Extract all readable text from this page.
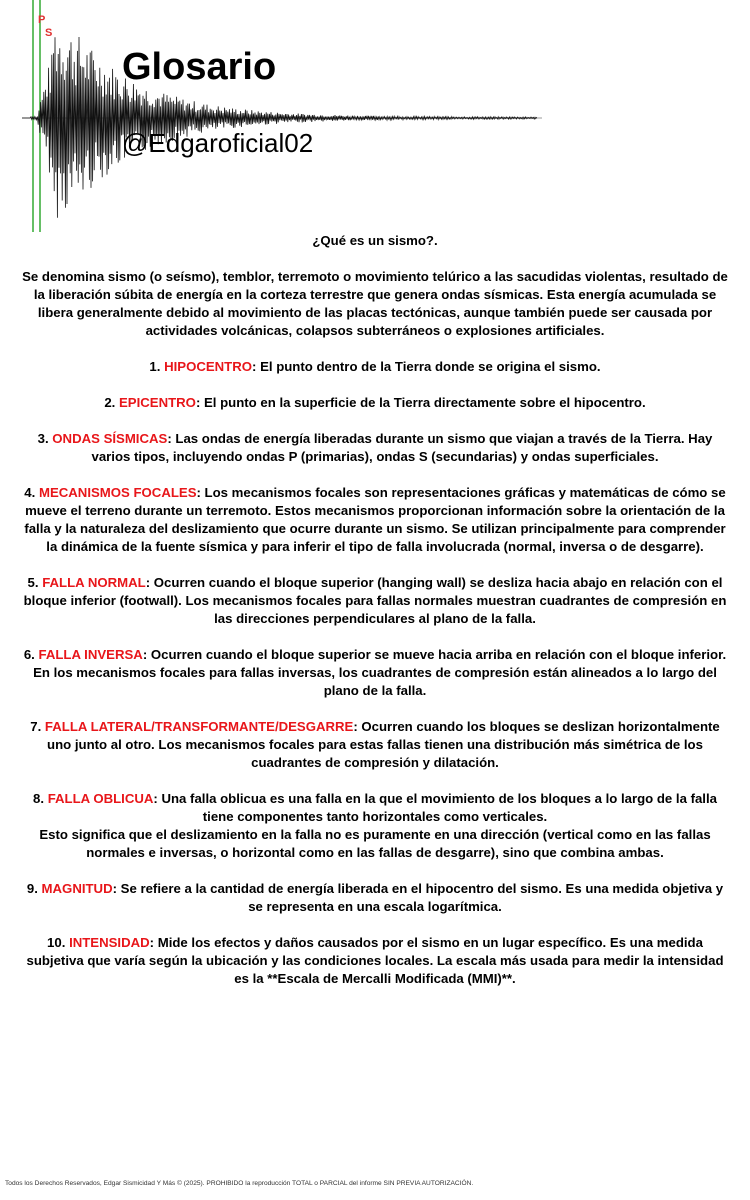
P
S
Glosario
@Edgaroficial02

¿Qué es un sismo?.

Se denomina sismo (o seísmo), temblor, terremoto o movimiento telúrico a las sacudidas violentas, resultado de la liberación súbita de energía en la corteza terrestre que genera ondas sísmicas. Esta energía acumulada se libera generalmente debido al movimiento de las placas tectónicas, aunque también puede ser causada por actividades volcánicas, colapsos subterráneos o explosiones artificiales.

1. HIPOCENTRO: El punto dentro de la Tierra donde se origina el sismo.

2. EPICENTRO: El punto en la superficie de la Tierra directamente sobre el hipocentro.

3. ONDAS SÍSMICAS: Las ondas de energía liberadas durante un sismo que viajan a través de la Tierra. Hay varios tipos, incluyendo ondas P (primarias), ondas S (secundarias) y ondas superficiales.

4. MECANISMOS FOCALES: Los mecanismos focales son representaciones gráficas y matemáticas de cómo se mueve el terreno durante un terremoto. Estos mecanismos proporcionan información sobre la orientación de la falla y la naturaleza del deslizamiento que ocurre durante un sismo. Se utilizan principalmente para comprender la dinámica de la fuente sísmica y para inferir el tipo de falla involucrada (normal, inversa o de desgarre).

5. FALLA NORMAL: Ocurren cuando el bloque superior (hanging wall) se desliza hacia abajo en relación con el bloque inferior (footwall). Los mecanismos focales para fallas normales muestran cuadrantes de compresión en las direcciones perpendiculares al plano de la falla.

6. FALLA INVERSA: Ocurren cuando el bloque superior se mueve hacia arriba en relación con el bloque inferior. En los mecanismos focales para fallas inversas, los cuadrantes de compresión están alineados a lo largo del plano de la falla.

7. FALLA LATERAL/TRANSFORMANTE/DESGARRE: Ocurren cuando los bloques se deslizan horizontalmente uno junto al otro. Los mecanismos focales para estas fallas tienen una distribución más simétrica de los cuadrantes de compresión y dilatación.

8. FALLA OBLICUA: Una falla oblicua es una falla en la que el movimiento de los bloques a lo largo de la falla tiene componentes tanto horizontales como verticales.
Esto significa que el deslizamiento en la falla no es puramente en una dirección (vertical como en las fallas normales e inversas, o horizontal como en las fallas de desgarre), sino que combina ambas.

9. MAGNITUD: Se refiere a la cantidad de energía liberada en el hipocentro del sismo. Es una medida objetiva y se representa en una escala logarítmica.

10. INTENSIDAD: Mide los efectos y daños causados por el sismo en un lugar específico. Es una medida subjetiva que varía según la ubicación y las condiciones locales. La escala más usada para medir la intensidad es la **Escala de Mercalli Modificada (MMI)**.

Todos los Derechos Reservados, Edgar Sismicidad Y Más © (2025). PROHIBIDO la reproducción TOTAL o PARCIAL del informe SIN PREVIA AUTORIZACIÓN.
